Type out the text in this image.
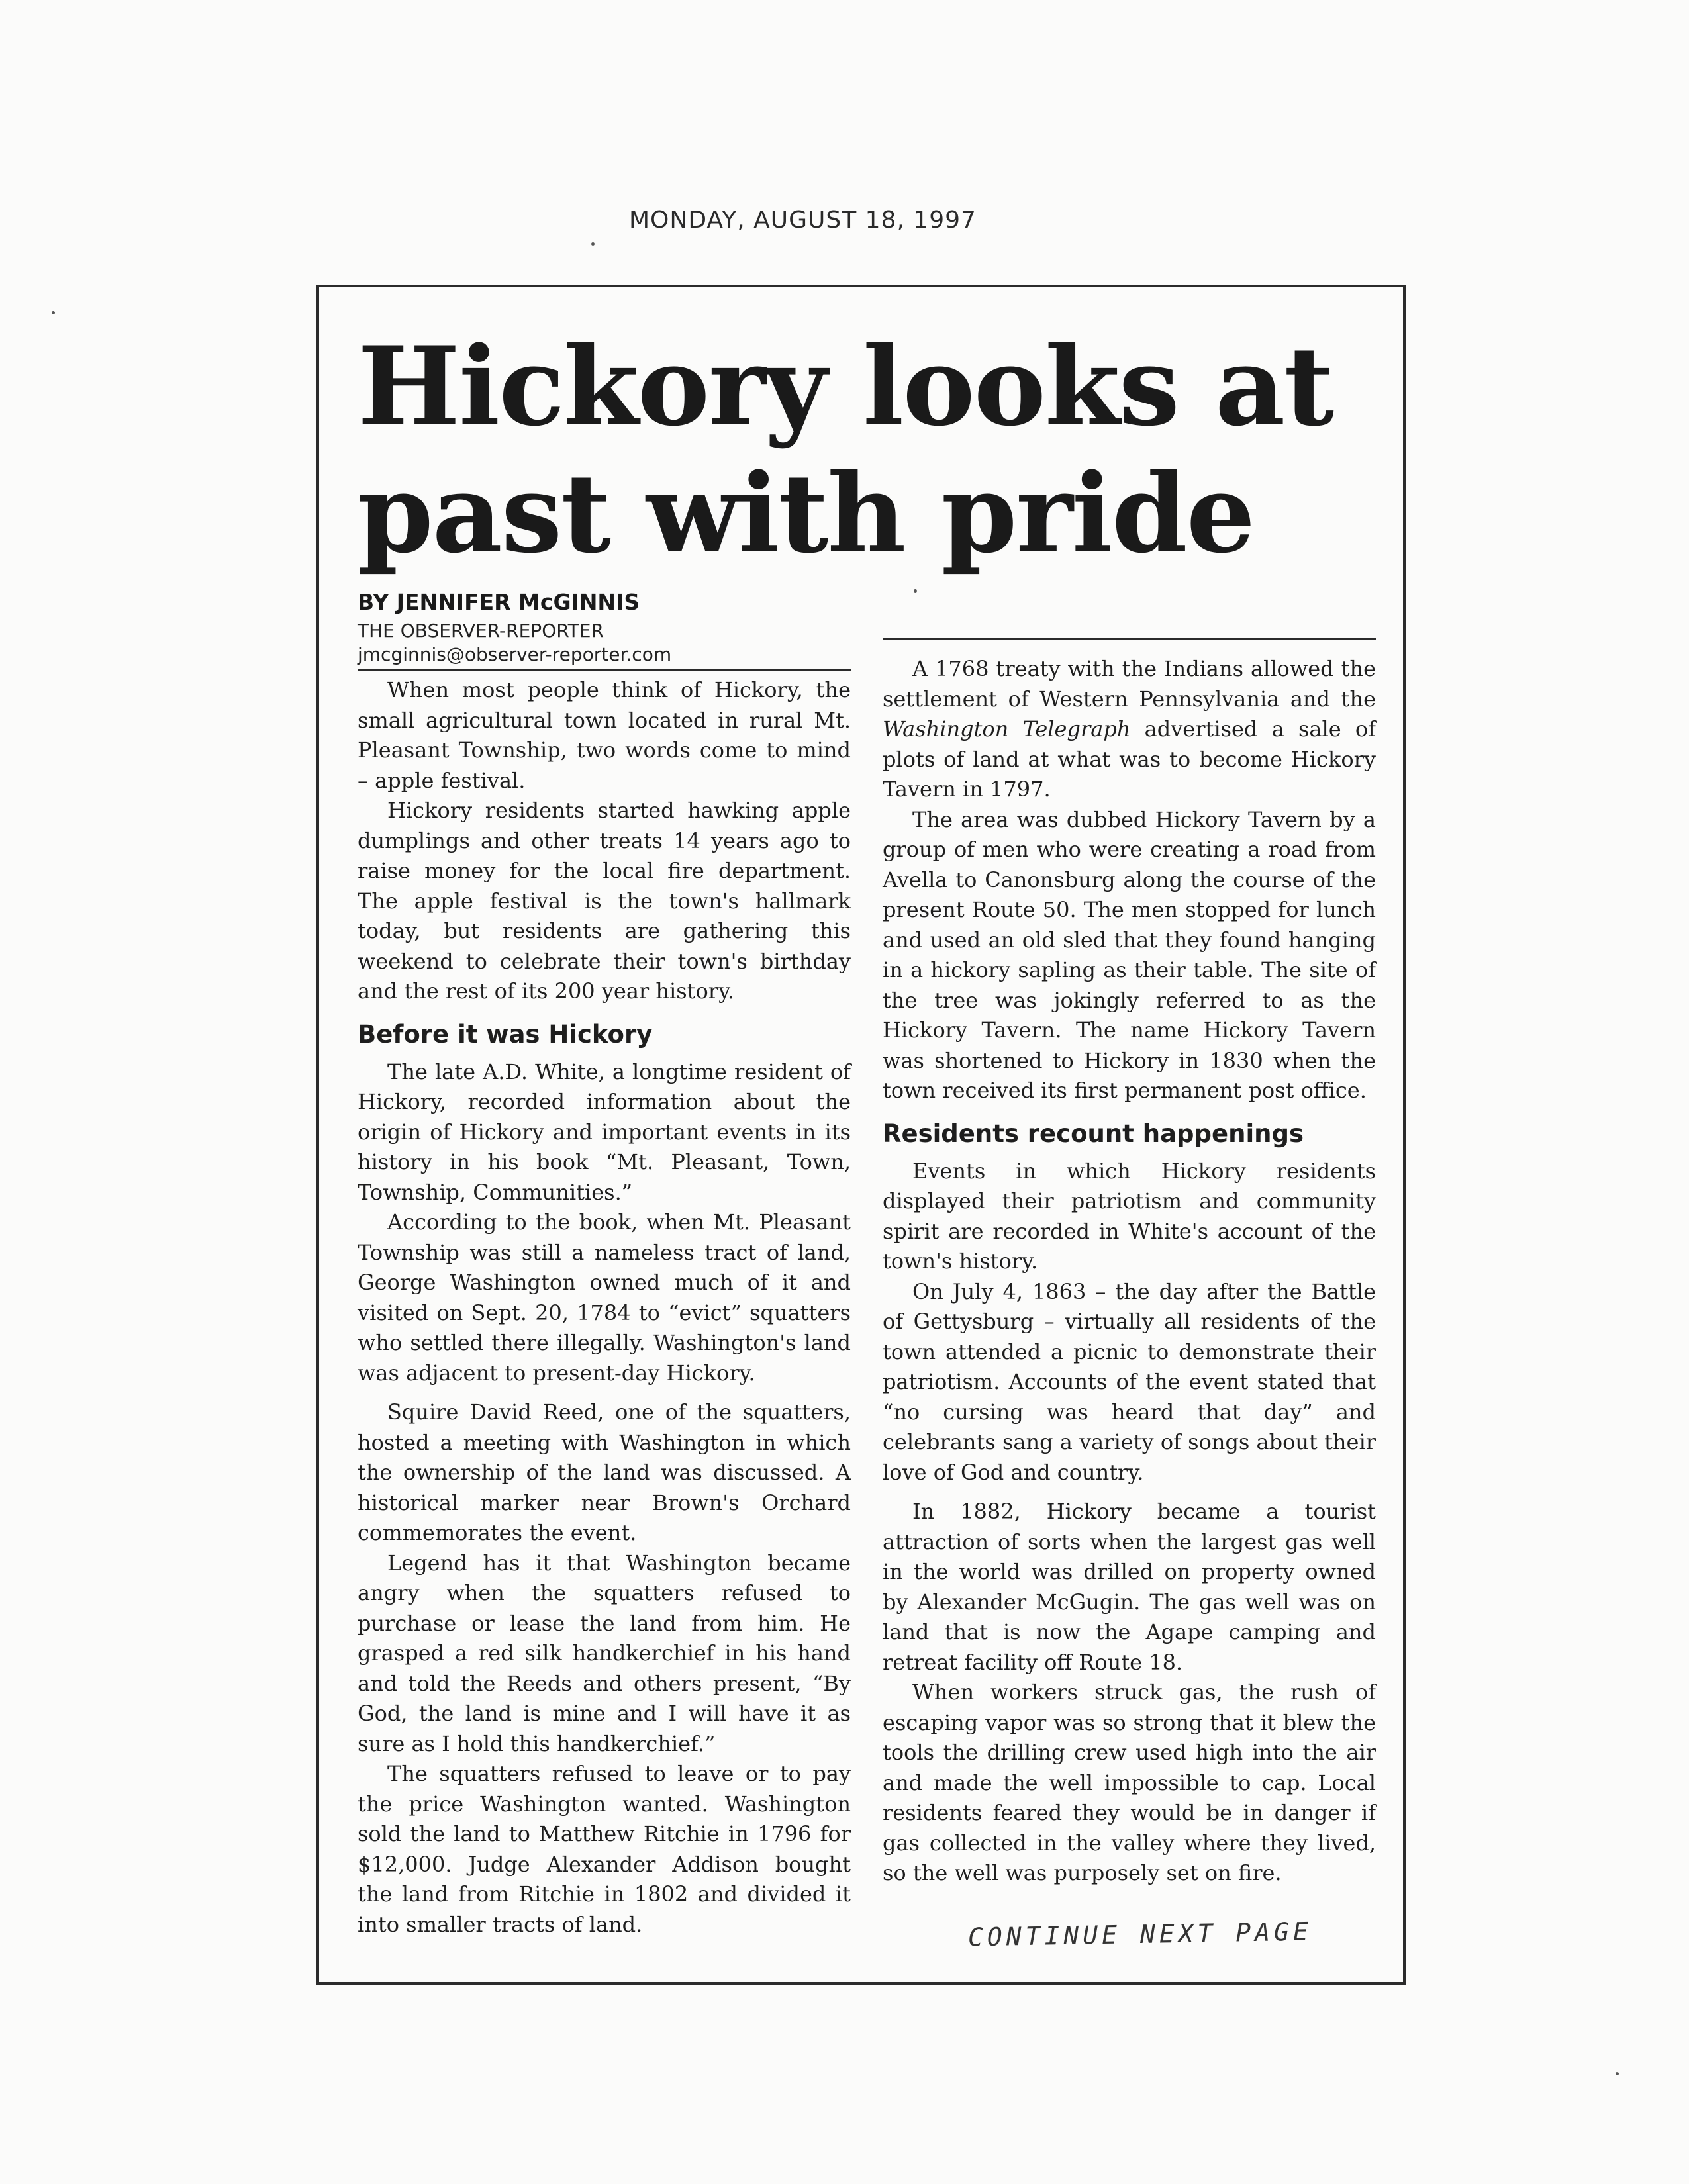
MONDAY, AUGUST 18, 1997
Hickory looks at past with pride
BY JENNIFER McGINNIS
THE OBSERVER-REPORTER
jmcginnis@observer-reporter.com

When most people think of Hickory, the small agricultural town located in rural Mt. Pleasant Township, two words come to mind – apple festival.

Hickory residents started hawking apple dumplings and other treats 14 years ago to raise money for the local fire department. The apple festival is the town's hallmark today, but residents are gathering this weekend to celebrate their town's birthday and the rest of its 200 year history.

Before it was Hickory

The late A.D. White, a longtime resident of Hickory, recorded information about the origin of Hickory and important events in its history in his book “Mt. Pleasant, Town, Township, Communities.”

According to the book, when Mt. Pleasant Township was still a nameless tract of land, George Washington owned much of it and visited on Sept. 20, 1784 to “evict” squatters who settled there illegally. Washington's land was adjacent to present-day Hickory.

Squire David Reed, one of the squatters, hosted a meeting with Washington in which the ownership of the land was discussed. A historical marker near Brown's Orchard commemorates the event.

Legend has it that Washington became angry when the squatters refused to purchase or lease the land from him. He grasped a red silk handkerchief in his hand and told the Reeds and others present, “By God, the land is mine and I will have it as sure as I hold this handkerchief.”

The squatters refused to leave or to pay the price Washington wanted. Washington sold the land to Matthew Ritchie in 1796 for $12,000. Judge Alexander Addison bought the land from Ritchie in 1802 and divided it into smaller tracts of land.

A 1768 treaty with the Indians allowed the settlement of Western Pennsylvania and the Washington Telegraph advertised a sale of plots of land at what was to become Hickory Tavern in 1797.

The area was dubbed Hickory Tavern by a group of men who were creating a road from Avella to Canonsburg along the course of the present Route 50. The men stopped for lunch and used an old sled that they found hanging in a hickory sapling as their table. The site of the tree was jokingly referred to as the Hickory Tavern. The name Hickory Tavern was shortened to Hickory in 1830 when the town received its first permanent post office.

Residents recount happenings

Events in which Hickory residents displayed their patriotism and community spirit are recorded in White's account of the town's history.

On July 4, 1863 – the day after the Battle of Gettysburg – virtually all residents of the town attended a picnic to demonstrate their patriotism. Accounts of the event stated that “no cursing was heard that day” and celebrants sang a variety of songs about their love of God and country.

In 1882, Hickory became a tourist attraction of sorts when the largest gas well in the world was drilled on property owned by Alexander McGugin. The gas well was on land that is now the Agape camping and retreat facility off Route 18.

When workers struck gas, the rush of escaping vapor was so strong that it blew the tools the drilling crew used high into the air and made the well impossible to cap. Local residents feared they would be in danger if gas collected in the valley where they lived, so the well was purposely set on fire.

CONTINUE NEXT PAGE
